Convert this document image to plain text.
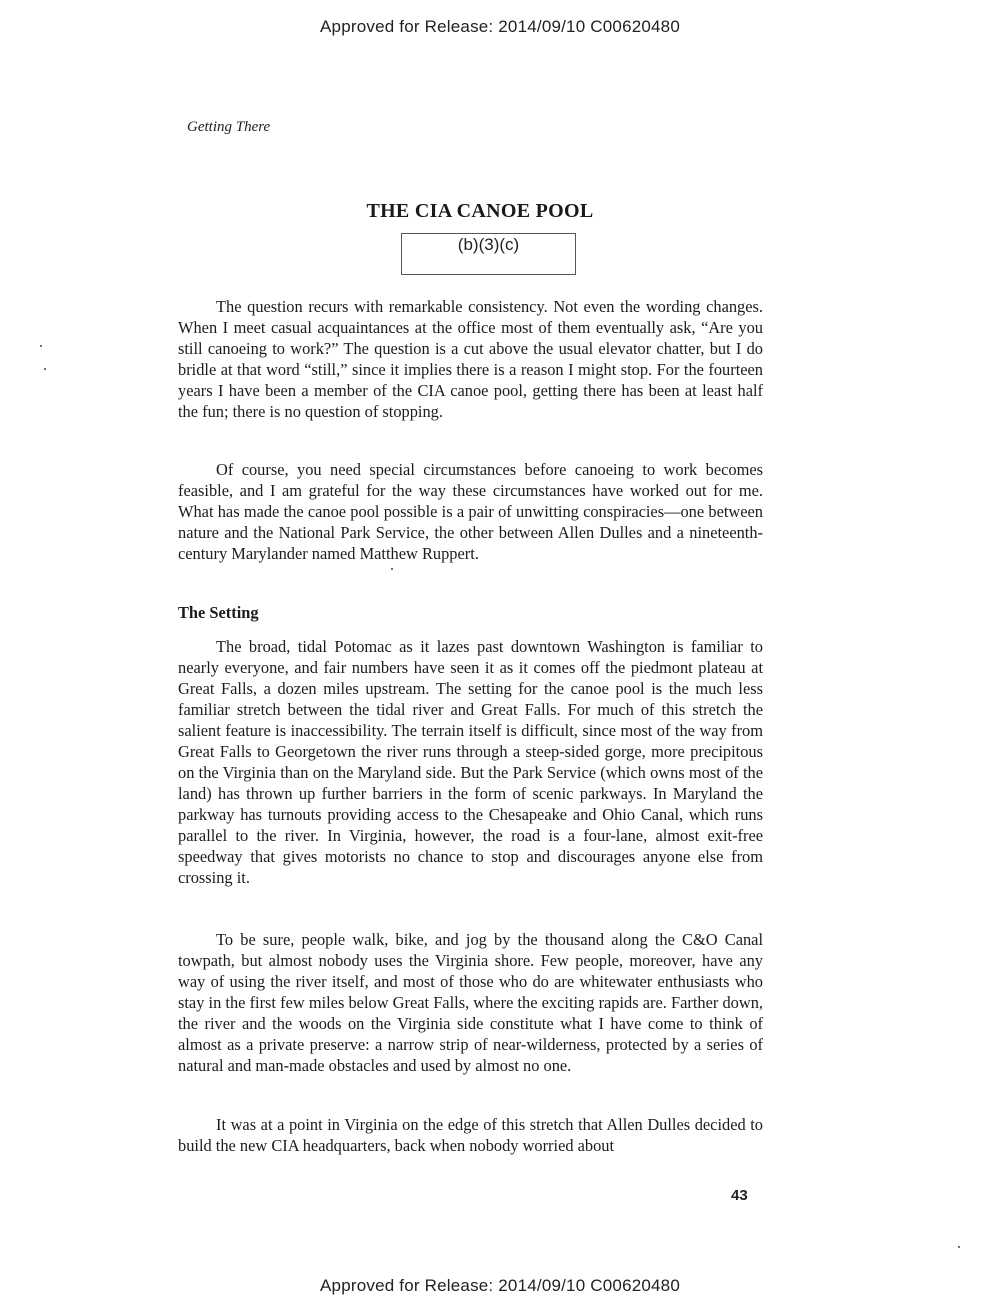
Approved for Release: 2014/09/10 C00620480
Getting There
THE CIA CANOE POOL
(b)(3)(c)

The question recurs with remarkable consistency. Not even the wording changes. When I meet casual acquaintances at the office most of them eventually ask, “Are you still canoeing to work?” The question is a cut above the usual elevator chatter, but I do bridle at that word “still,” since it implies there is a reason I might stop. For the fourteen years I have been a member of the CIA canoe pool, getting there has been at least half the fun; there is no question of stopping.

Of course, you need special circumstances before canoeing to work becomes feasible, and I am grateful for the way these circumstances have worked out for me. What has made the canoe pool possible is a pair of unwitting conspiracies—one between nature and the National Park Service, the other between Allen Dulles and a nineteenth-century Marylander named Matthew Ruppert.

The Setting

The broad, tidal Potomac as it lazes past downtown Washington is familiar to nearly everyone, and fair numbers have seen it as it comes off the piedmont plateau at Great Falls, a dozen miles upstream. The setting for the canoe pool is the much less familiar stretch between the tidal river and Great Falls. For much of this stretch the salient feature is inaccessibility. The terrain itself is difficult, since most of the way from Great Falls to Georgetown the river runs through a steep-sided gorge, more precipitous on the Virginia than on the Maryland side. But the Park Service (which owns most of the land) has thrown up further barriers in the form of scenic parkways. In Maryland the parkway has turnouts providing access to the Chesapeake and Ohio Canal, which runs parallel to the river. In Virginia, however, the road is a four-lane, almost exit-free speedway that gives motorists no chance to stop and discourages anyone else from crossing it.

To be sure, people walk, bike, and jog by the thousand along the C&O Canal towpath, but almost nobody uses the Virginia shore. Few people, moreover, have any way of using the river itself, and most of those who do are whitewater enthusiasts who stay in the first few miles below Great Falls, where the exciting rapids are. Farther down, the river and the woods on the Virginia side constitute what I have come to think of almost as a private preserve: a narrow strip of near-wilderness, protected by a series of natural and man-made obstacles and used by almost no one.

It was at a point in Virginia on the edge of this stretch that Allen Dulles decided to build the new CIA headquarters, back when nobody worried about

43
Approved for Release: 2014/09/10 C00620480
